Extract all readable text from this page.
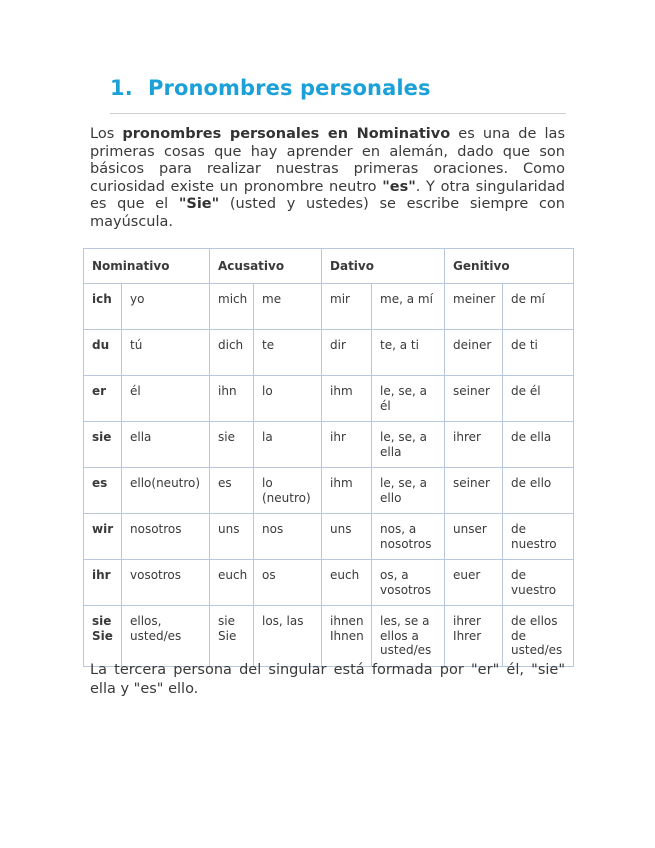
1. Pronombres personales
Los pronombres personales en Nominativo es una de las primeras cosas que hay aprender en alemán, dado que son básicos para realizar nuestras primeras oraciones. Como curiosidad existe un pronombre neutro "es". Y otra singularidad es que el "Sie" (usted y ustedes) se escribe siempre con mayúscula.
Nominativo		Acusativo		Dativo		Genitivo	
ich	yo	mich	me	mir	me, a mí	meiner	de mí
du	tú	dich	te	dir	te, a ti	deiner	de ti
er	él	ihn	lo	ihm	le, se, a él	seiner	de él
sie	ella	sie	la	ihr	le, se, a ella	ihrer	de ella
es	ello(neutro)	es	lo (neutro)	ihm	le, se, a ello	seiner	de ello
wir	nosotros	uns	nos	uns	nos, a nosotros	unser	de nuestro
ihr	vosotros	euch	os	euch	os, a vosotros	euer	de vuestro
sie Sie	ellos, usted/es	sie Sie	los, las	ihnen Ihnen	les, se a ellos a usted/es	ihrer Ihrer	de ellos de usted/es
La tercera persona del singular está formada por "er" él, "sie" ella y "es" ello.
